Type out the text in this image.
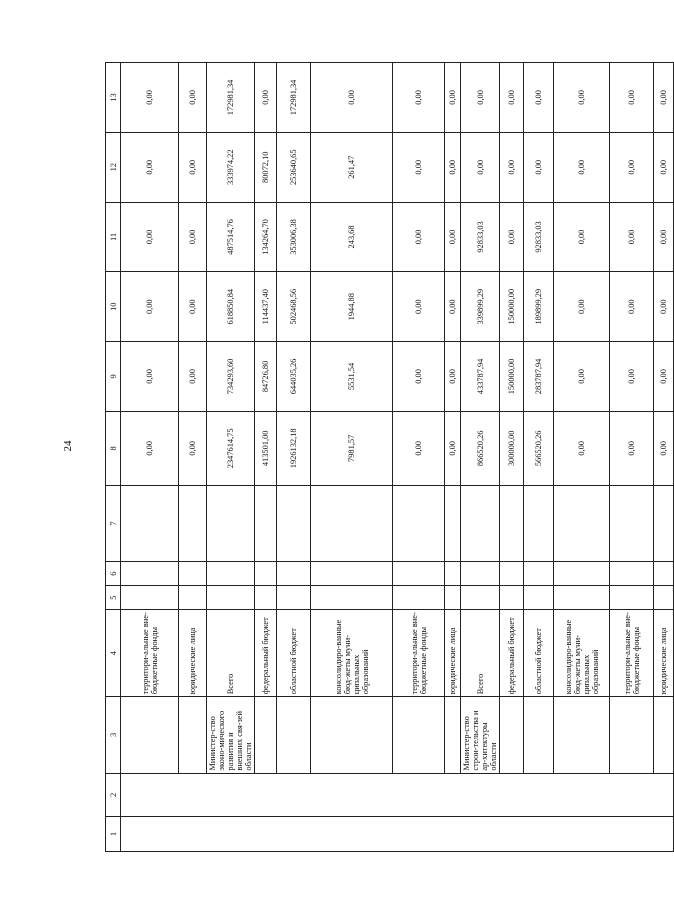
24
1	2	3	4	5	6	7	8	9	10	11	12	13
			территори-альные вне-бюджетные фонды				0,00	0,00	0,00	0,00	0,00	0,00
			юридические лица				0,00	0,00	0,00	0,00	0,00	0,00
		Министер-ство эконо-мического развития и внешних свя-зей области	Всего				2347614,75	734293,60	618850,84	487514,76	333974,22	172981,34
			федеральный бюджет				413501,00	84726,80	114437,40	134264,70	80072,10	0,00
			областной бюджет				1926132,18	644035,26	502468,56	353006,38	253640,65	172981,34
			консолидиро-ванные бюд-жеты муни-ципальных образований				7981,57	5531,54	1944,88	243,68	261,47	0,00
			территори-альные вне-бюджетные фонды				0,00	0,00	0,00	0,00	0,00	0,00
			юридические лица				0,00	0,00	0,00	0,00	0,00	0,00
		Министер-ство строи-тельства и ар-хитектуры области	Всего				866520,26	433787,94	339899,29	92833,03	0,00	0,00
			федеральный бюджет				300000,00	150000,00	150000,00	0,00	0,00	0,00
			областной бюджет				566520,26	283787,94	189899,29	92833,03	0,00	0,00
			консолидиро-ванные бюд-жеты муни-ципальных образований				0,00	0,00	0,00	0,00	0,00	0,00
			территори-альные вне-бюджетные фонды				0,00	0,00	0,00	0,00	0,00	0,00
			юридические лица				0,00	0,00	0,00	0,00	0,00	0,00
